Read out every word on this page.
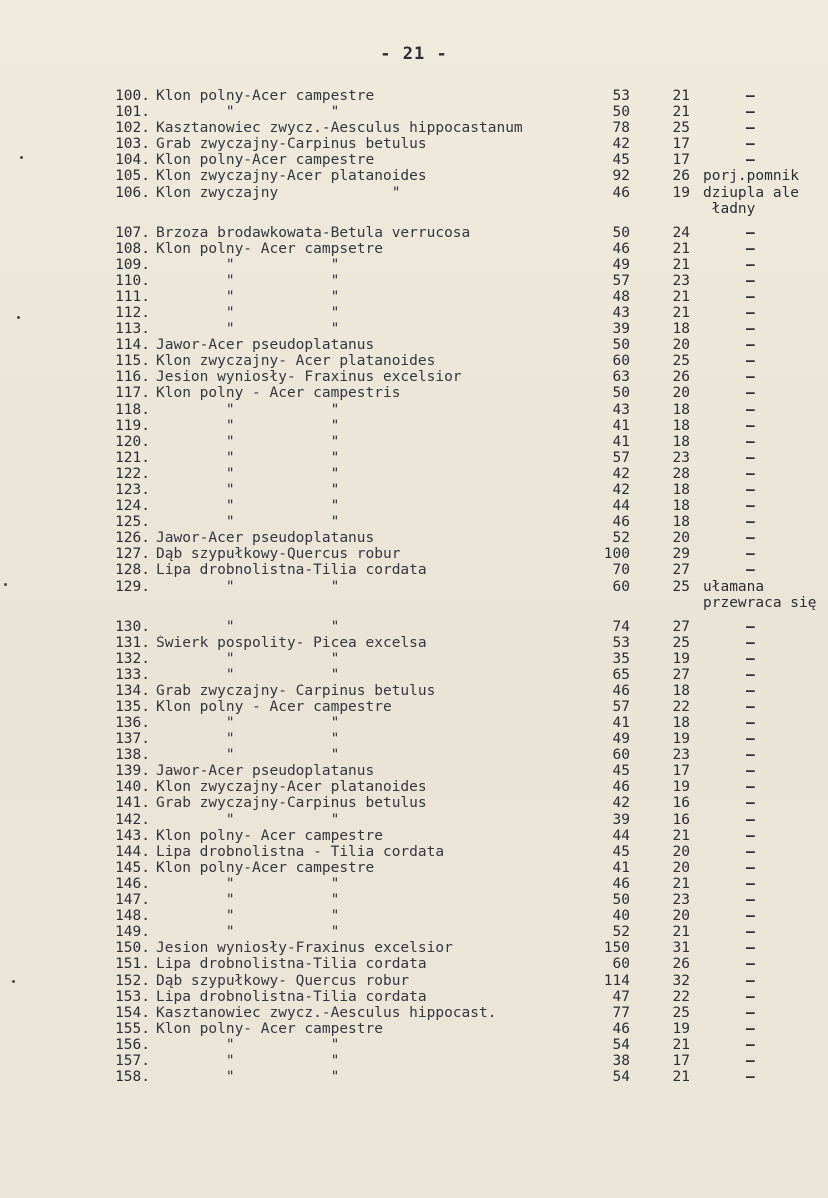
- 21 -
100. Klon polny-Acer campestre	53	21	–
101. "           "	50	21	–
102. Kasztanowiec zwycz.-Aesculus hippocastanum	78	25	–
103. Grab zwyczajny-Carpinus betulus	42	17	–
104. Klon polny-Acer campestre	45	17	–
105. Klon zwyczajny-Acer platanoides	92	26 porj.pomnik
106. Klon zwyczajny             "	46	19 dziupla ale
ładny
107. Brzoza brodawkowata-Betula verrucosa	50	24	–
108. Klon polny- Acer campsetre	46	21	–
109. "           "	49	21	–
110. "           "	57	23	–
111. "           "	48	21	–
112. "           "	43	21	–
113. "           "	39	18	–
114. Jawor-Acer pseudoplatanus	50	20	–
115. Klon zwyczajny- Acer platanoides	60	25	–
116. Jesion wyniosły- Fraxinus excelsior	63	26	–
117. Klon polny - Acer campestris	50	20	–
118. "           "	43	18	–
119. "           "	41	18	–
120. "           "	41	18	–
121. "           "	57	23	–
122. "           "	42	28	–
123. "           "	42	18	–
124. "           "	44	18	–
125. "           "	46	18	–
126. Jawor-Acer pseudoplatanus	52	20	–
127. Dąb szypułkowy-Quercus robur	100	29	–
128. Lipa drobnolistna-Tilia cordata	70	27	–
129. "           "	60	25 ułamana
przewraca się
130. "           "	74	27	–
131. Świerk pospolity- Picea excelsa	53	25	–
132. "           "	35	19	–
133. "           "	65	27	–
134. Grab zwyczajny- Carpinus betulus	46	18	–
135. Klon polny - Acer campestre	57	22	–
136. "           "	41	18	–
137. "           "	49	19	–
138. "           "	60	23	–
139. Jawor-Acer pseudoplatanus	45	17	–
140. Klon zwyczajny-Acer platanoides	46	19	–
141. Grab zwyczajny-Carpinus betulus	42	16	–
142. "           "	39	16	–
143. Klon polny- Acer campestre	44	21	–
144. Lipa drobnolistna - Tilia cordata	45	20	–
145. Klon polny-Acer campestre	41	20	–
146. "           "	46	21	–
147. "           "	50	23	–
148. "           "	40	20	–
149. "           "	52	21	–
150. Jesion wyniosły-Fraxinus excelsior	150	31	–
151. Lipa drobnolistna-Tilia cordata	60	26	–
152. Dąb szypułkowy- Quercus robur	114	32	–
153. Lipa drobnolistna-Tilia cordata	47	22	–
154. Kasztanowiec zwycz.-Aesculus hippocast.	77	25	–
155. Klon polny- Acer campestre	46	19	–
156. "           "	54	21	–
157. "           "	38	17	–
158. "           "	54	21	–
